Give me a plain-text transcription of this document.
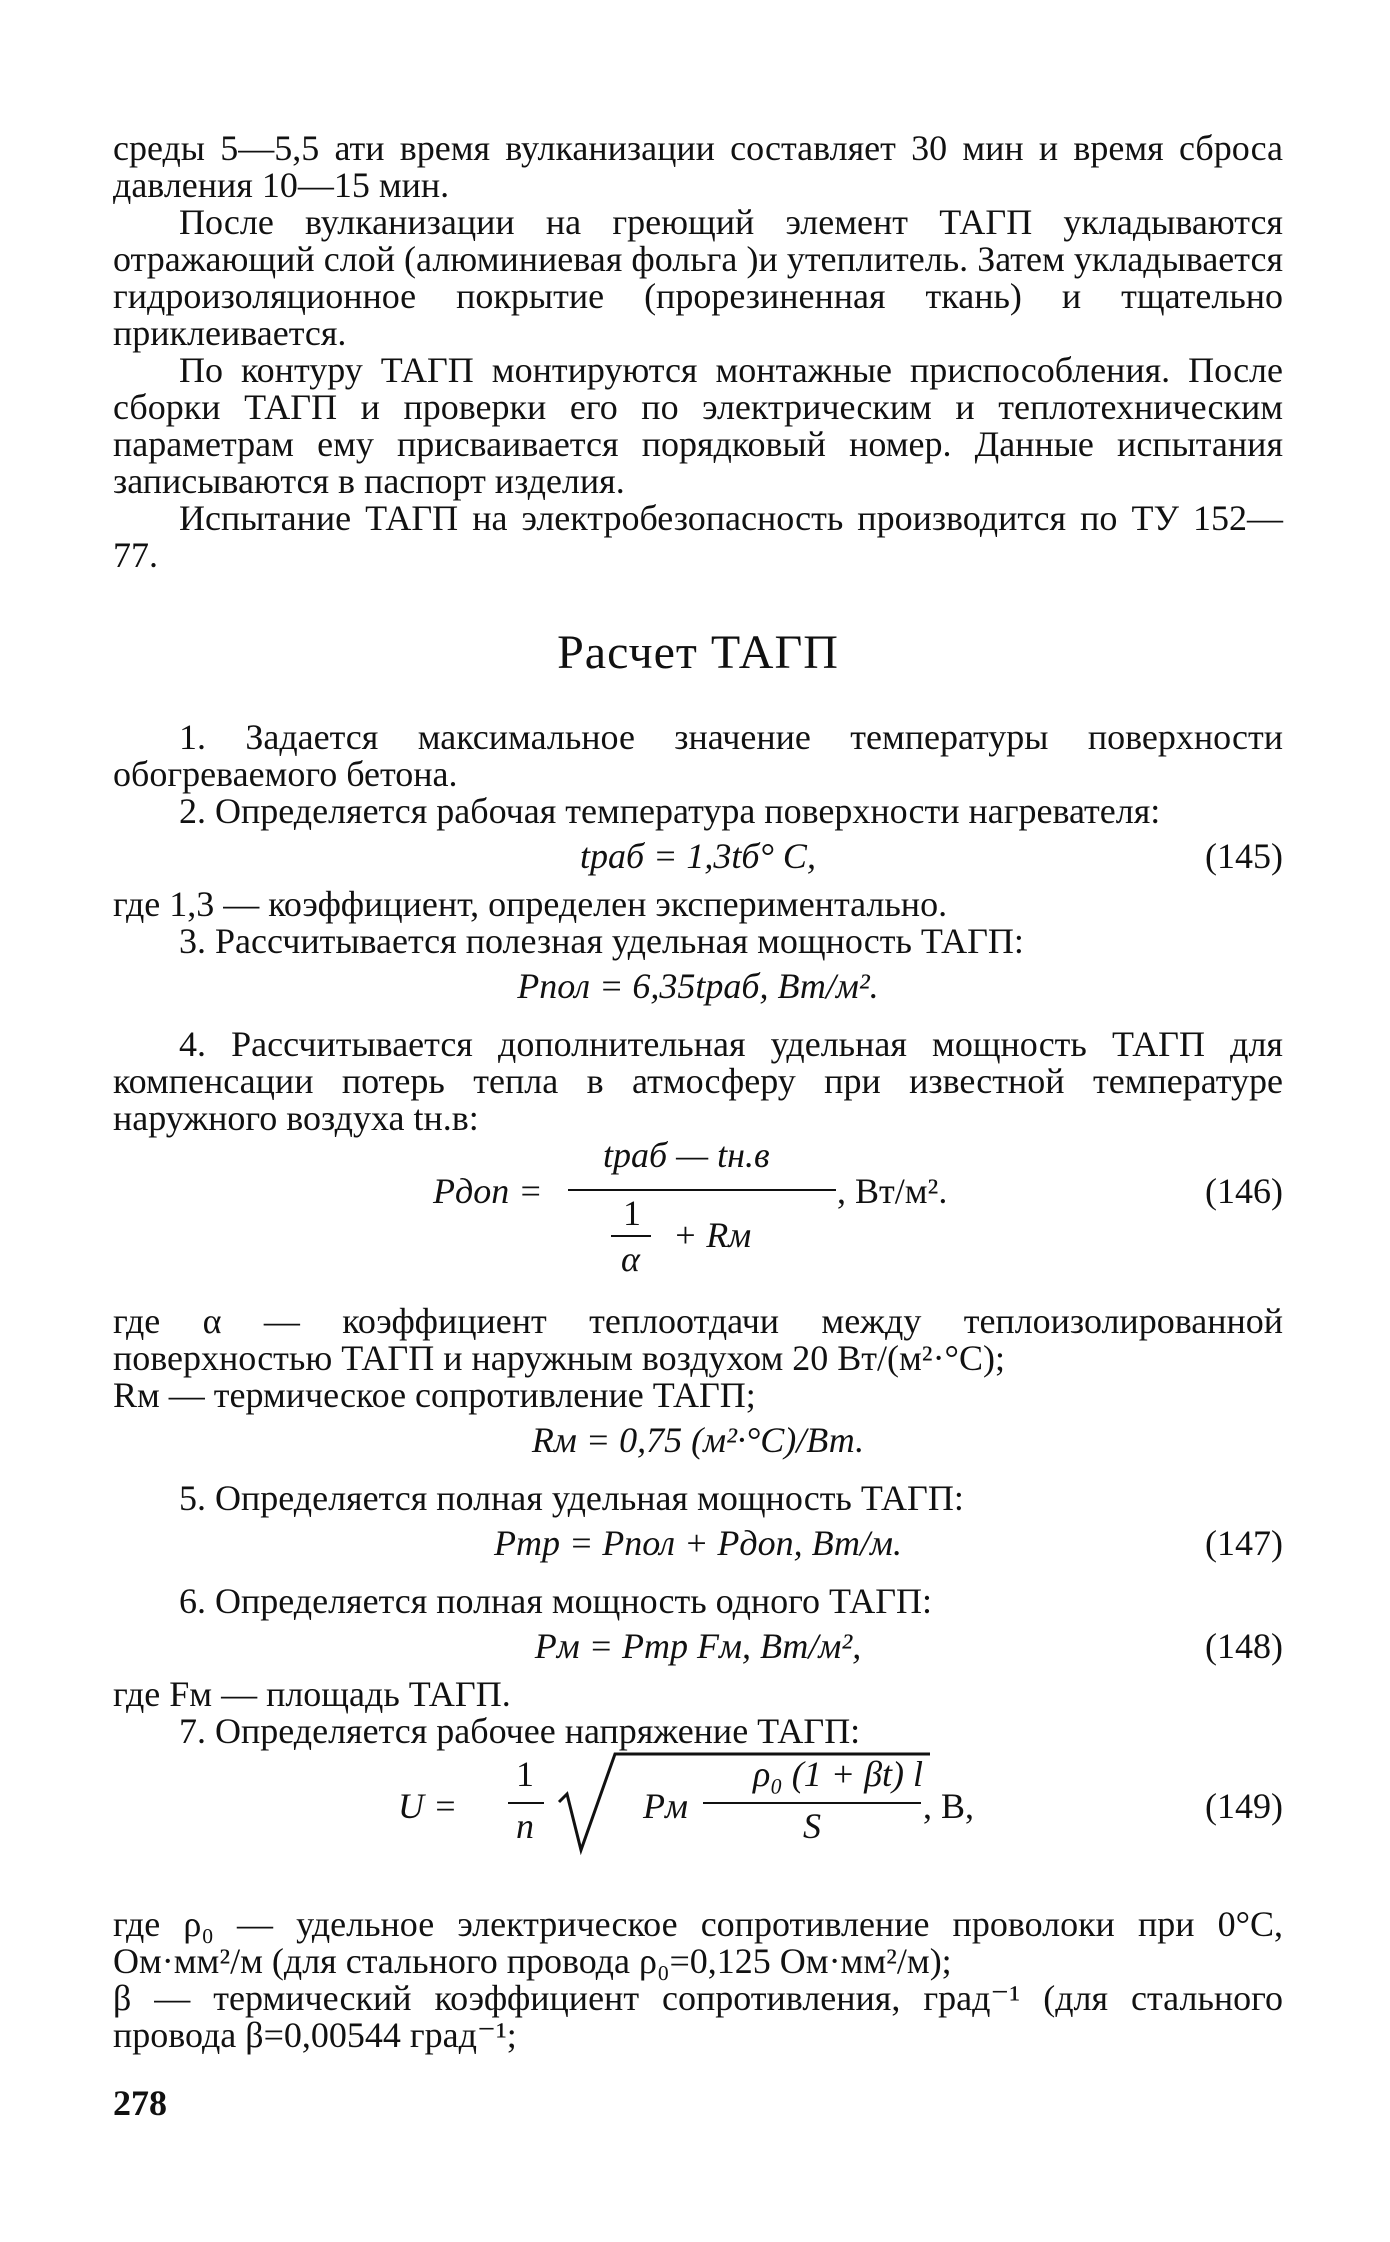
среды 5—5,5 ати время вулканизации составляет 30 мин и время сброса давления 10—15 мин.

После вулканизации на греющий элемент ТАГП укладываются отражающий слой (алюминиевая фольга )и утеплитель. Затем укладывается гидроизоляционное покрытие (прорезиненная ткань) и тщательно приклеивается.

По контуру ТАГП монтируются монтажные приспособления. После сборки ТАГП и проверки его по электрическим и теплотехническим параметрам ему присваивается порядковый номер. Данные испытания записываются в паспорт изделия.

Испытание ТАГП на электробезопасность производится по ТУ 152—77.

Расчет ТАГП

1. Задается максимальное значение температуры поверхности обогреваемого бетона.

2. Определяется рабочая температура поверхности нагревателя:

tраб = 1,3tб° С,	(145)

где 1,3 — коэффициент, определен экспериментально.

3. Рассчитывается полезная удельная мощность ТАГП:

Pпол = 6,35tраб, Вт/м².

4. Рассчитывается дополнительная удельная мощность ТАГП для компенсации потерь тепла в атмосферу при известной температуре наружного воздуха tн.в:

Pдоп =
tраб — tн.в
, Вт/м².
1
+ Rм
α
(146)

где α — коэффициент теплоотдачи между теплоизолированной поверхностью ТАГП и наружным воздухом 20 Вт/(м²·°С);

Rм — термическое сопротивление ТАГП;

Rм = 0,75 (м²·°С)/Вт.

5. Определяется полная удельная мощность ТАГП:

Pтр = Pпол + Pдоп, Вт/м.	(147)

6. Определяется полная мощность одного ТАГП:

Pм = Pтр Fм, Вт/м²,	(148)

где Fм — площадь ТАГП.

7. Определяется рабочее напряжение ТАГП:

U =
1
n	Pм
ρ₀ (1 + βt) l
S	, В,	(149)

где ρ₀ — удельное электрическое сопротивление проволоки при 0°С, Ом·мм²/м (для стального провода ρ₀=0,125 Ом·мм²/м);

β — термический коэффициент сопротивления, град⁻¹ (для стального провода β=0,00544 град⁻¹;

278
